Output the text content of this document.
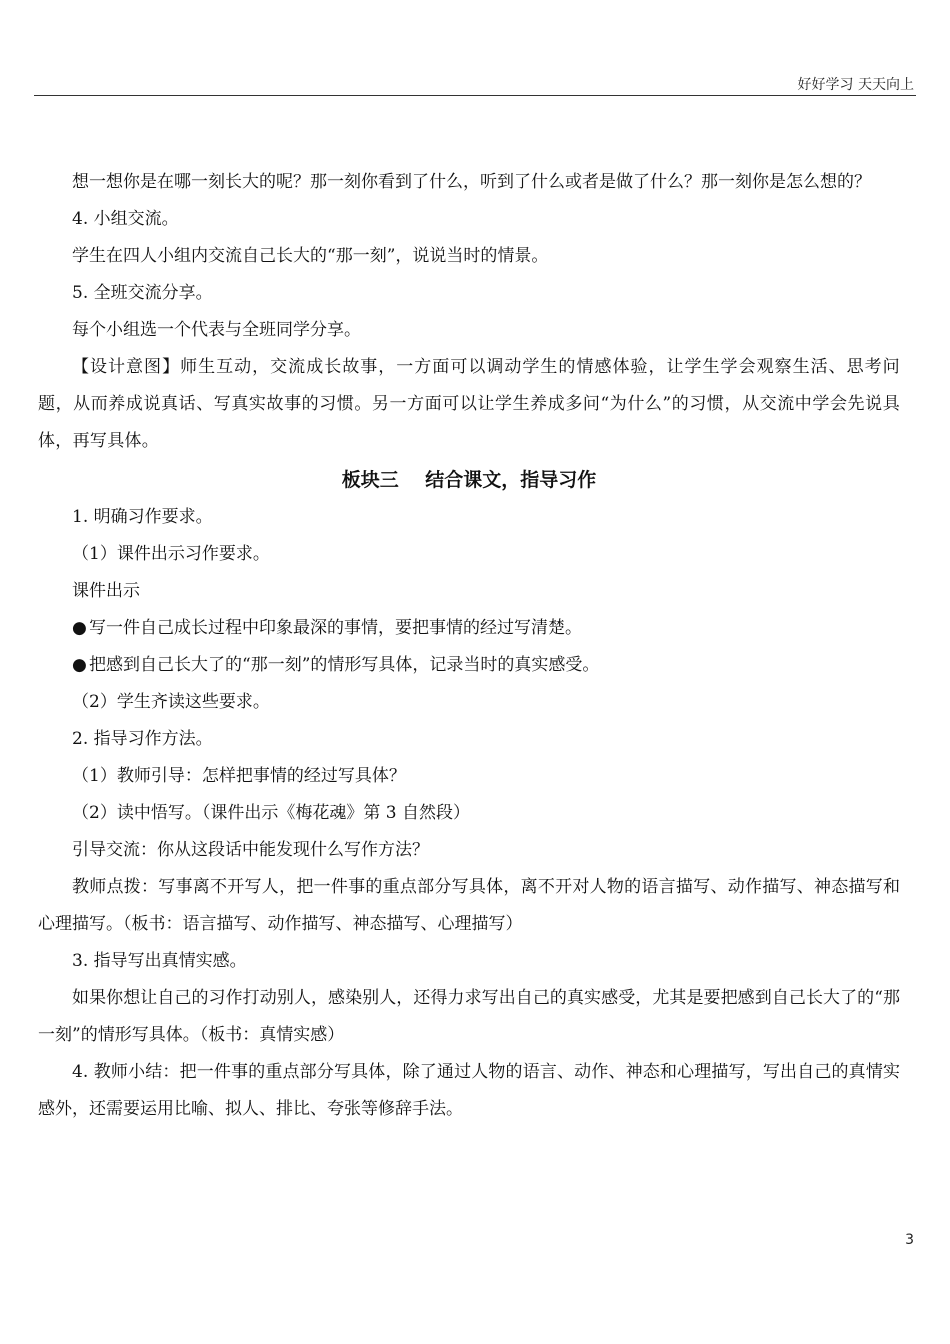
好好学习 天天向上

想一想你是在哪一刻长大的呢？那一刻你看到了什么，听到了什么或者是做了什么？那一刻你是怎么想的？

4. 小组交流。

学生在四人小组内交流自己长大的“那一刻”，说说当时的情景。

5. 全班交流分享。

每个小组选一个代表与全班同学分享。

【设计意图】师生互动，交流成长故事，一方面可以调动学生的情感体验，让学生学会观察生活、思考问题，从而养成说真话、写真实故事的习惯。另一方面可以让学生养成多问“为什么”的习惯，从交流中学会先说具体，再写具体。

板块三 结合课文，指导习作

1. 明确习作要求。

（1）课件出示习作要求。

课件出示

● 写一件自己成长过程中印象最深的事情，要把事情的经过写清楚。

● 把感到自己长大了的“那一刻”的情形写具体，记录当时的真实感受。

（2）学生齐读这些要求。

2. 指导习作方法。

（1）教师引导：怎样把事情的经过写具体？

（2）读中悟写。（课件出示《梅花魂》第 3 自然段）

引导交流：你从这段话中能发现什么写作方法？

教师点拨：写事离不开写人，把一件事的重点部分写具体，离不开对人物的语言描写、动作描写、神态描写和心理描写。（板书：语言描写、动作描写、神态描写、心理描写）

3. 指导写出真情实感。

如果你想让自己的习作打动别人，感染别人，还得力求写出自己的真实感受，尤其是要把感到自己长大了的“那一刻”的情形写具体。（板书：真情实感）

4. 教师小结：把一件事的重点部分写具体，除了通过人物的语言、动作、神态和心理描写，写出自己的真情实感外，还需要运用比喻、拟人、排比、夸张等修辞手法。

3
